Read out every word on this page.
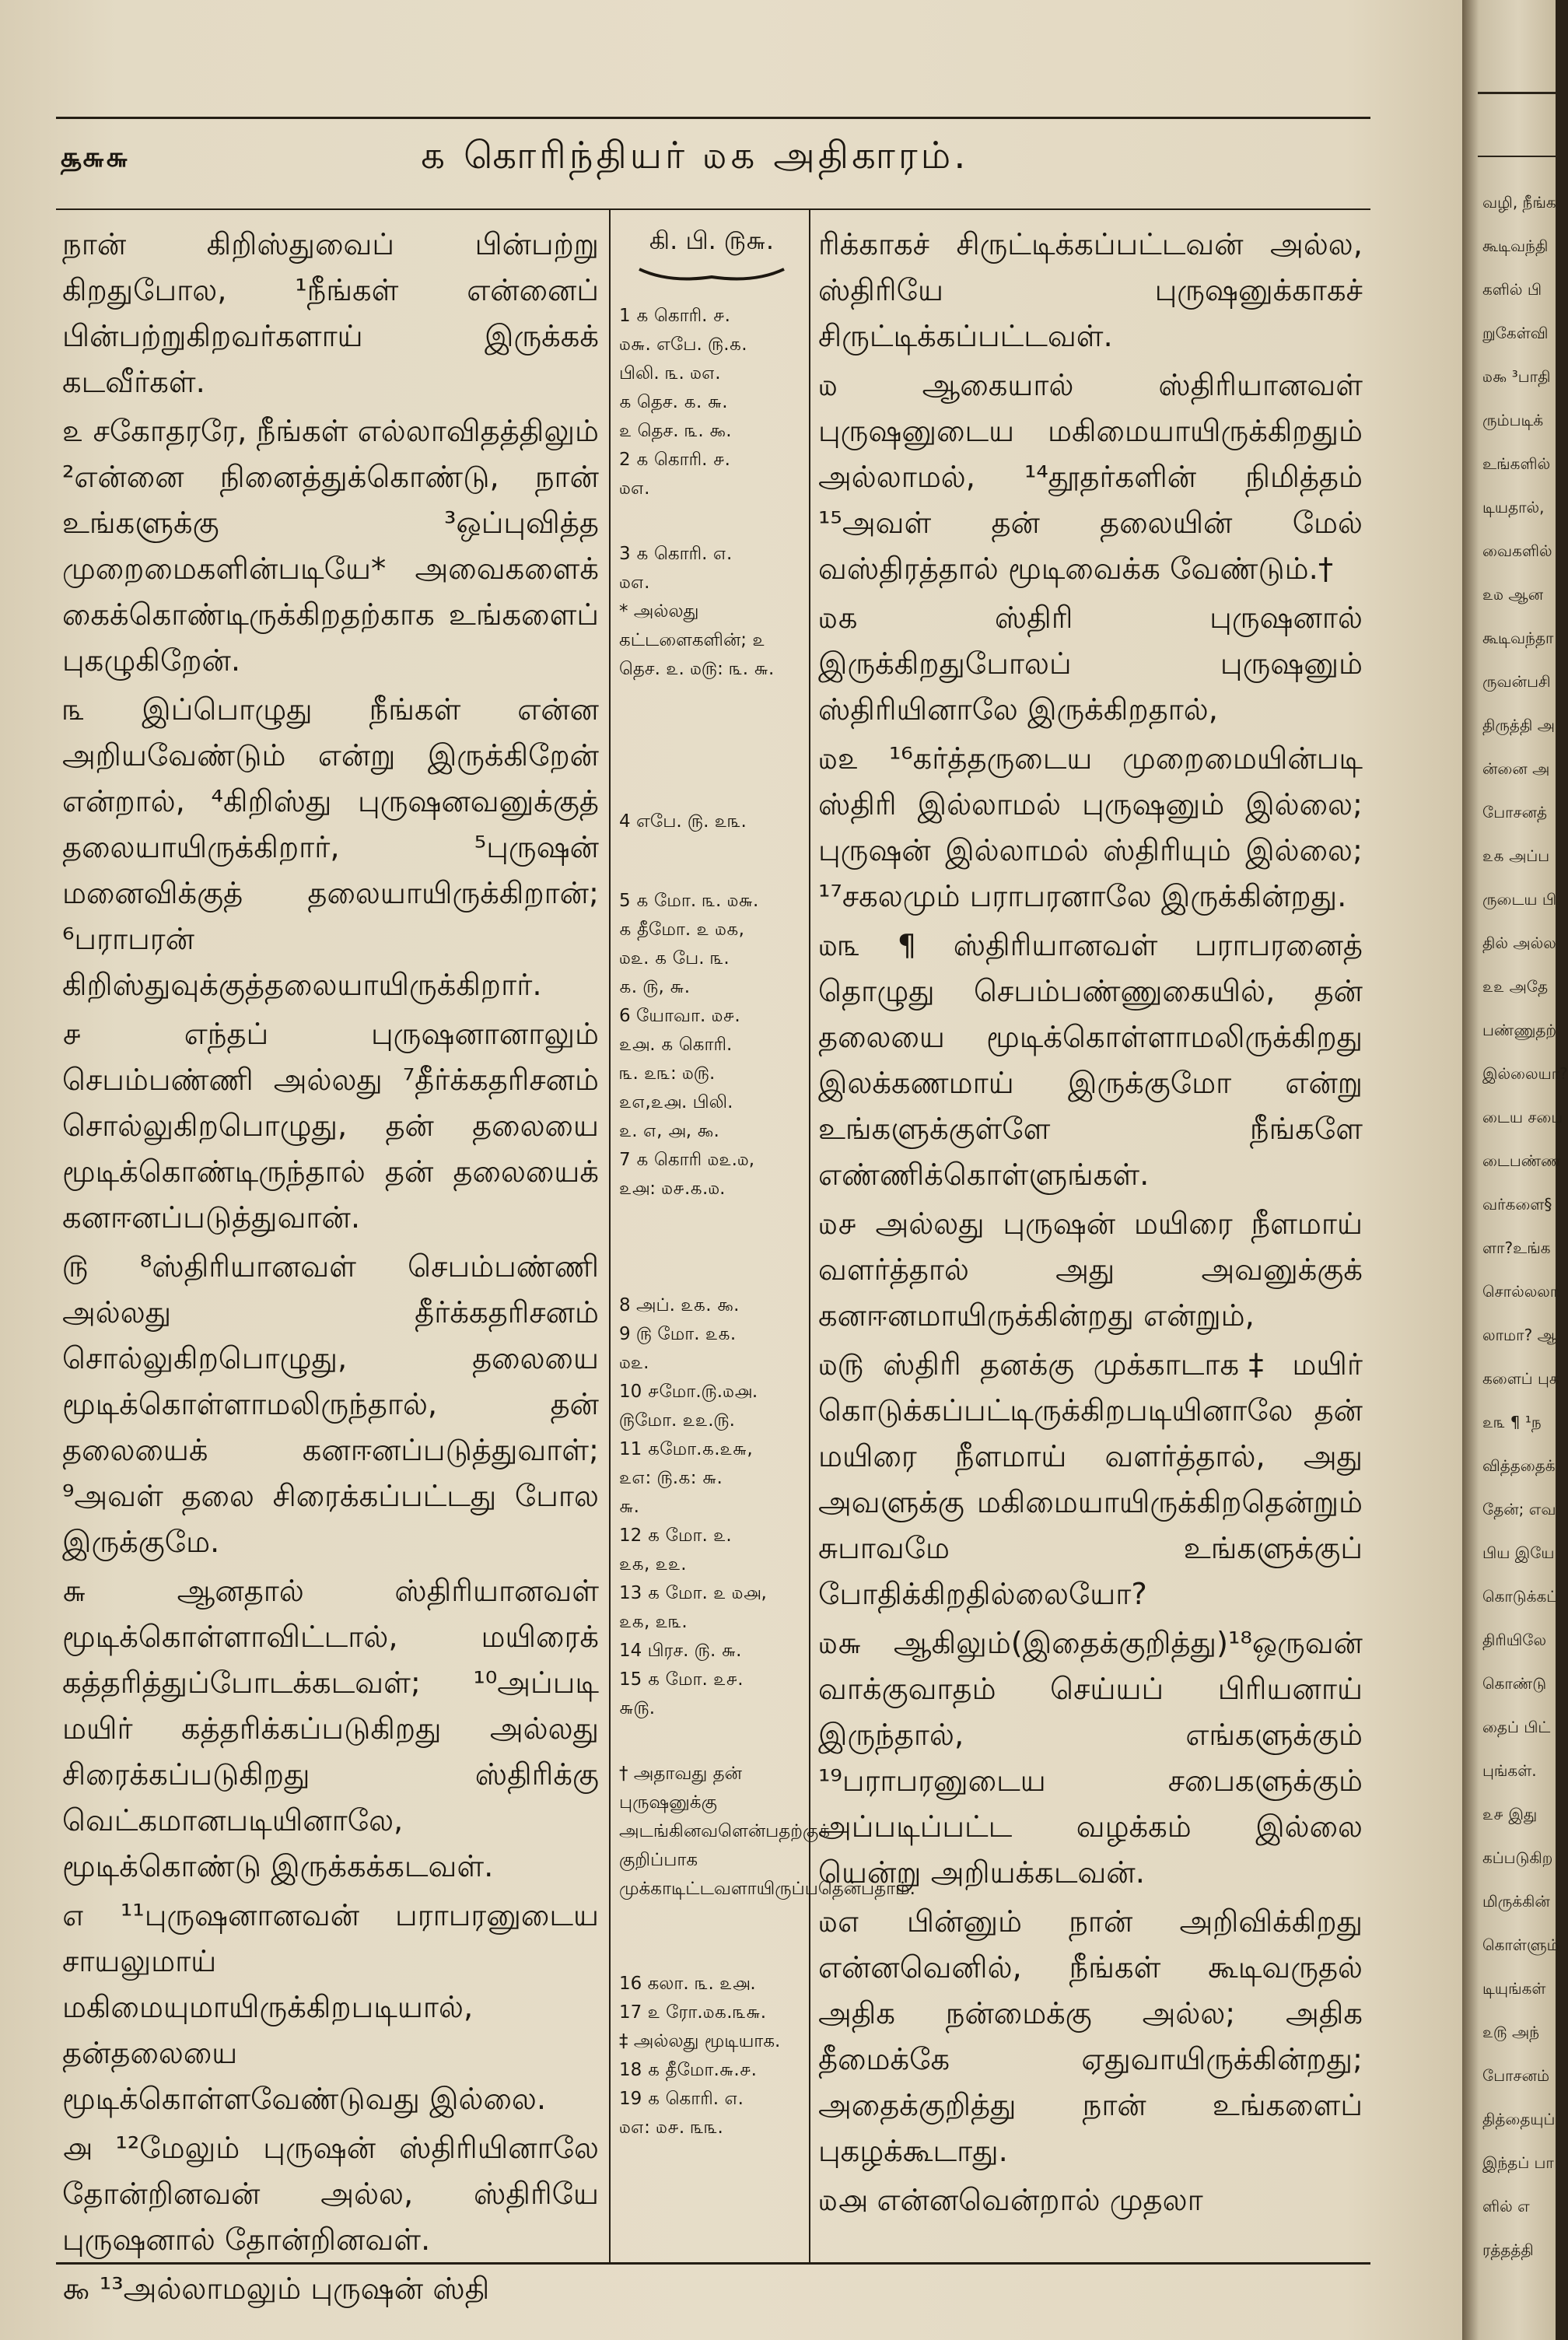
௲௬௬	௧ கொரிந்தியர் ௰௧ அதிகாரம்.

நான் கிறிஸ்துவைப் பின்பற்று கிறதுபோல, ¹நீங்கள் என்னைப் பின்பற்றுகிறவர்களாய் இருக்கக் கடவீர்கள்.

௨ சகோதரரே, நீங்கள் எல்லாவிதத்திலும் ²என்னை நினைத்துக்கொண்டு, நான் உங்களுக்கு ³ஒப்புவித்த முறைமைகளின்படியே* அவைகளைக் கைக்கொண்டிருக்கிறதற்காக உங்களைப் புகழுகிறேன்.

௩ இப்பொழுது நீங்கள் என்ன அறியவேண்டும் என்று இருக்கிறேன் என்றால், ⁴கிறிஸ்து புருஷனவனுக்குத் தலையாயிருக்கிறார், ⁵புருஷன் மனைவிக்குத் தலையாயிருக்கிறான்; ⁶பராபரன் கிறிஸ்துவுக்குத்தலையாயிருக்கிறார்.

௪ எந்தப் புருஷனானாலும் செபம்பண்ணி அல்லது ⁷தீர்க்கதரிசனம் சொல்லுகிறபொழுது, தன் தலையை மூடிக்கொண்டிருந்தால் தன் தலையைக் கனஈனப்படுத்துவான்.

௫ ⁸ஸ்திரியானவள் செபம்பண்ணி அல்லது தீர்க்கதரிசனம் சொல்லுகிறபொழுது, தலையை மூடிக்கொள்ளாமலிருந்தால், தன் தலையைக் கனஈனப்படுத்துவாள்; ⁹அவள் தலை சிரைக்கப்பட்டது போல இருக்குமே.

௬ ஆனதால் ஸ்திரியானவள் மூடிக்கொள்ளாவிட்டால், மயிரைக் கத்தரித்துப்போடக்கடவள்; ¹⁰அப்படி மயிர் கத்தரிக்கப்படுகிறது அல்லது சிரைக்கப்படுகிறது ஸ்திரிக்கு வெட்கமானபடியினாலே, மூடிக்கொண்டு இருக்கக்கடவள்.

௭ ¹¹புருஷனானவன் பராபரனுடைய சாயலுமாய் மகிமையுமாயிருக்கிறபடியால், தன்தலையை மூடிக்கொள்ளவேண்டுவது இல்லை.

௮ ¹²மேலும் புருஷன் ஸ்திரியினாலே தோன்றினவன் அல்ல, ஸ்திரியே புருஷனால் தோன்றினவள்.

௯ ¹³அல்லாமலும் புருஷன் ஸ்தி

கி. பி. ௫௬.
1 ௧ கொரி. ௪.
௰௬. எபே. ௫.௧.
பிலி. ௩. ௰௭.
௧ தெச. ௧. ௬.
௨ தெச. ௩. ௯.
2 ௧ கொரி. ௪.
௰௭.
3 ௧ கொரி. ௭.
௰௭.
* அல்லது கட்டளைகளின்; ௨ தெச. ௨. ௰௫: ௩. ௬.
4 எபே. ௫. ௨௩.
5 ௧ மோ. ௩. ௰௬.
௧ தீமோ. ௨ ௰௧,
௰௨. ௧ பே. ௩.
௧. ௫, ௬.
6 யோவா. ௰௪.
௨௮. ௧ கொரி.
௩. ௨௩: ௰௫.
௨௭,௨௮. பிலி.
௨. ௭, ௮, ௯.
7 ௧ கொரி ௰௨.௰,
௨௮: ௰௪.௧.௰.
8 அப். ௨௧. ௯.
9 ௫ மோ. ௨௧.
௰௨.
10 ௪மோ.௫.௰௮.
௫மோ. ௨௨.௫.
11 ௧மோ.௧.௨௬,
௨௭: ௫.௧: ௬.
௬.
12 ௧ மோ. ௨.
௨௧, ௨௨.
13 ௧ மோ. ௨ ௰௮,
௨௧, ௨௩.
14 பிரச. ௫. ௬.
15 ௧ மோ. ௨௪.
௬௫.
† அதாவது தன் புருஷனுக்கு அடங்கினவளென்பதற்குக் குறிப்பாக முக்காடிட்டவளாயிருப்பதென்பதாம்.
16 கலா. ௩. ௨௮.
17 ௨ ரோ.௰௧.௩௬.
‡ அல்லது மூடியாக.
18 ௧ தீமோ.௬.௪.
19 ௧ கொரி. ௭.
௰௭: ௰௪. ௩௩.

ரிக்காகச் சிருட்டிக்கப்பட்டவன் அல்ல, ஸ்திரியே புருஷனுக்காகச் சிருட்டிக்கப்பட்டவள்.

௰ ஆகையால் ஸ்திரியானவள் புருஷனுடைய மகிமையாயிருக்கிறதும் அல்லாமல், ¹⁴தூதர்களின் நிமித்தம் ¹⁵அவள் தன் தலையின் மேல் வஸ்திரத்தால் மூடிவைக்க வேண்டும்.†

௰௧ ஸ்திரி புருஷனால் இருக்கிறதுபோலப் புருஷனும் ஸ்திரியினாலே இருக்கிறதால்,

௰௨ ¹⁶கர்த்தருடைய முறைமையின்படி ஸ்திரி இல்லாமல் புருஷனும் இல்லை; புருஷன் இல்லாமல் ஸ்திரியும் இல்லை; ¹⁷சகலமும் பராபரனாலே இருக்கின்றது.

௰௩ ¶ ஸ்திரியானவள் பராபரனைத் தொழுது செபம்பண்ணுகையில், தன் தலையை மூடிக்கொள்ளாமலிருக்கிறது இலக்கணமாய் இருக்குமோ என்று உங்களுக்குள்ளே நீங்களே எண்ணிக்கொள்ளுங்கள்.

௰௪ அல்லது புருஷன் மயிரை நீளமாய் வளர்த்தால் அது அவனுக்குக் கனஈனமாயிருக்கின்றது என்றும்,

௰௫ ஸ்திரி தனக்கு முக்காடாக‡ மயிர் கொடுக்கப்பட்டிருக்கிறபடியினாலே தன் மயிரை நீளமாய் வளர்த்தால், அது அவளுக்கு மகிமையாயிருக்கிறதென்றும் சுபாவமே உங்களுக்குப் போதிக்கிறதில்லையோ?

௰௬ ஆகிலும்(இதைக்குறித்து)¹⁸ஒருவன் வாக்குவாதம் செய்யப் பிரியனாய் இருந்தால், எங்களுக்கும் ¹⁹பராபரனுடைய சபைகளுக்கும் அப்படிப்பட்ட வழக்கம் இல்லை யென்று அறியக்கடவன்.

௰௭ பின்னும் நான் அறிவிக்கிறது என்னவெனில், நீங்கள் கூடிவருதல் அதிக நன்மைக்கு அல்ல; அதிக தீமைக்கே ஏதுவாயிருக்கின்றது; அதைக்குறித்து நான் உங்களைப் புகழக்கூடாது.

௰௮ என்னவென்றால் முதலா

வழி, நீங்க
கூடிவந்தி
களில் பி
றுகேள்வி
௰௯ ³பாதி
ரும்படிக்
உங்களில்
டியதால்,
வைகளில்
௨௰ ஆன
கூடிவந்தா
ருவன்பசி
திருத்தி அ
ன்னை அ
போசனத்
௨௧ அப்ப
ருடைய பி
தில் அல்ல
௨௨ அதே
பண்ணுதற்
இல்லையா?
டைய சபை
டைபண்ண
வர்களை§
ளா?உங்க
சொல்லலா
லாமா? ஆ
களைப் புக
௨௩ ¶ ¹ந
வித்ததைக்
தேன்; எவ
பிய இயே
கொடுக்கப்
திரியிலே
கொண்டு
தைப் பிட்
புங்கள்.
௨௪ இது
கப்படுகிற
மிருக்கின்
கொள்ளும்
டியுங்கள்
௨௫ அந்
போசனம்
தித்தையுப்
இந்தப் பா
ளில் எ
ரத்தத்தி
